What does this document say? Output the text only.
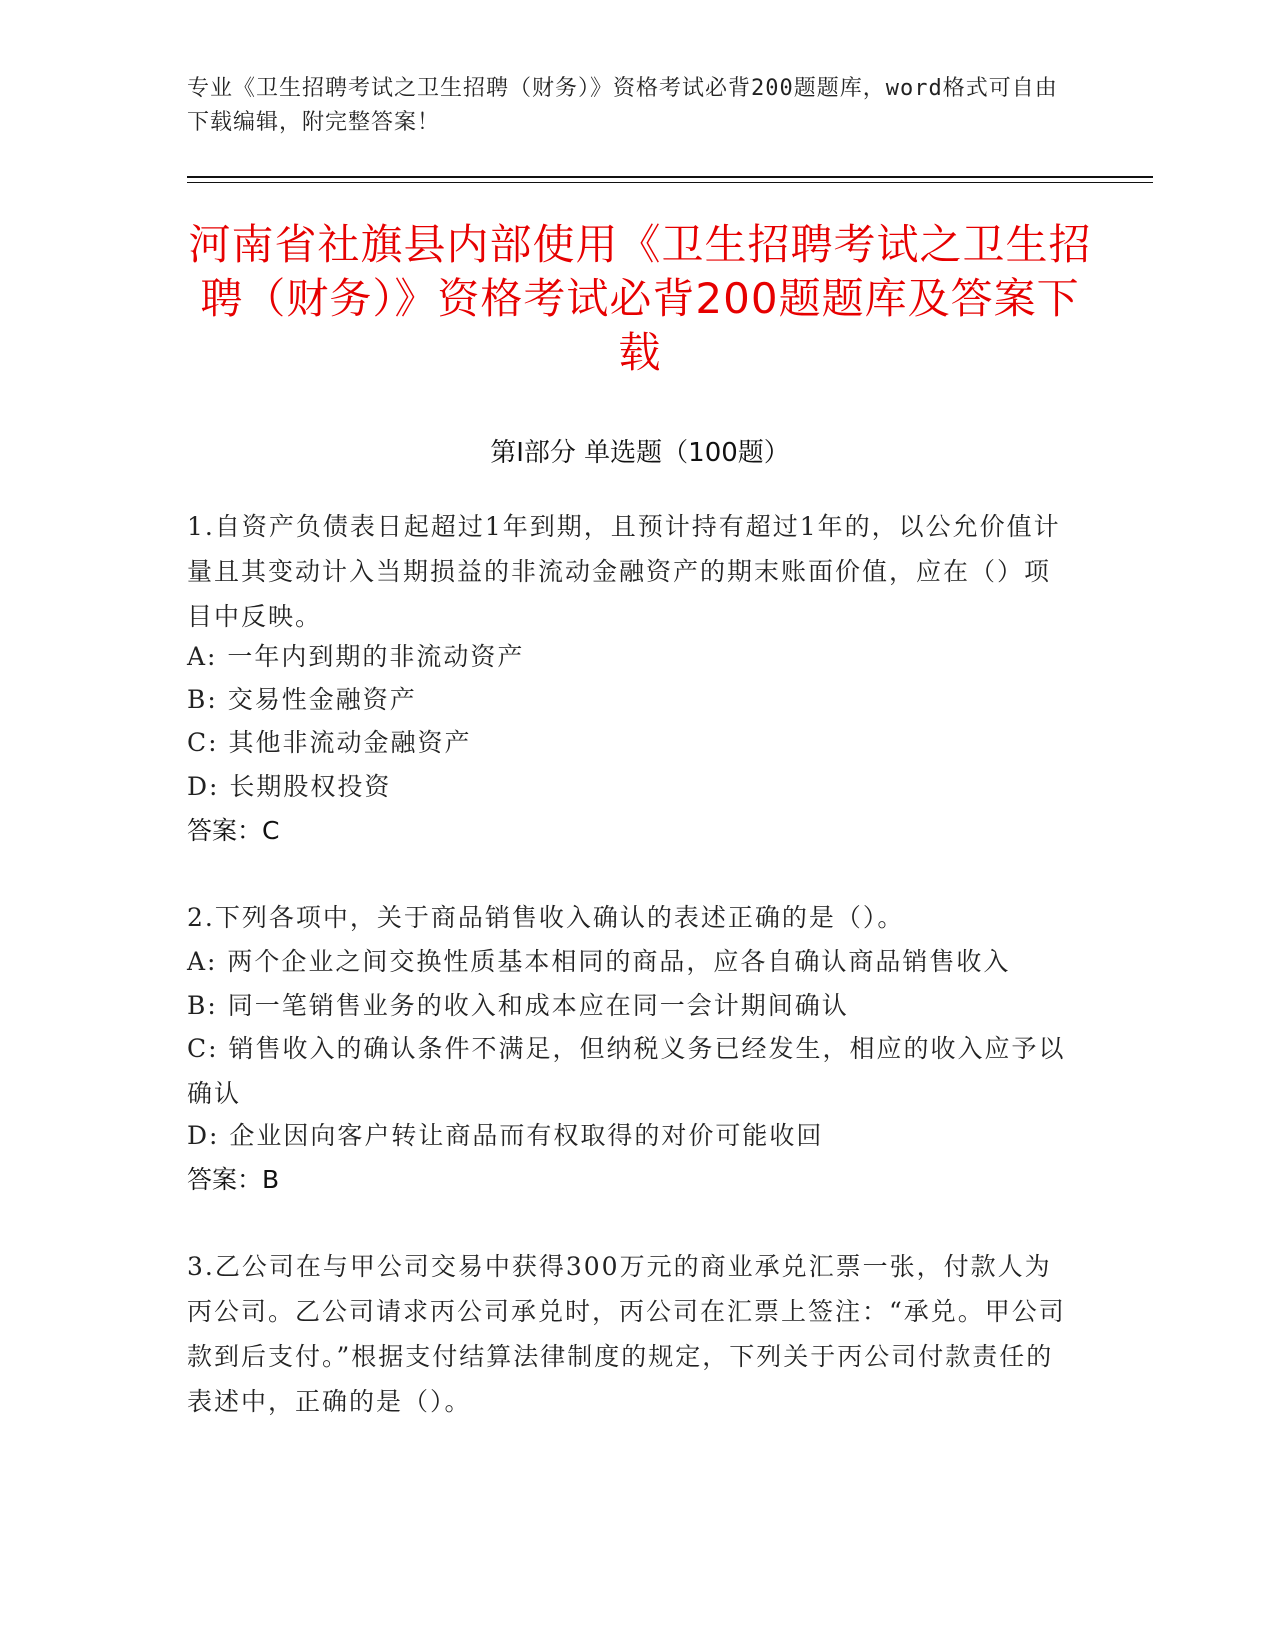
专业《卫生招聘考试之卫生招聘（财务）》资格考试必背200题题库，word格式可自由下载编辑，附完整答案！
河南省社旗县内部使用《卫生招聘考试之卫生招聘（财务）》资格考试必背200题题库及答案下载
第Ⅰ部分 单选题（100题）
1.自资产负债表日起超过1年到期，且预计持有超过1年的，以公允价值计量且其变动计入当期损益的非流动金融资产的期末账面价值，应在（）项目中反映。
A: 一年内到期的非流动资产
B: 交易性金融资产
C: 其他非流动金融资产
D: 长期股权投资
答案：C
2.下列各项中，关于商品销售收入确认的表述正确的是（）。
A: 两个企业之间交换性质基本相同的商品，应各自确认商品销售收入
B: 同一笔销售业务的收入和成本应在同一会计期间确认
C: 销售收入的确认条件不满足，但纳税义务已经发生，相应的收入应予以确认
D: 企业因向客户转让商品而有权取得的对价可能收回
答案：B
3.乙公司在与甲公司交易中获得300万元的商业承兑汇票一张，付款人为丙公司。乙公司请求丙公司承兑时，丙公司在汇票上签注：“承兑。甲公司款到后支付。”根据支付结算法律制度的规定，下列关于丙公司付款责任的表述中，正确的是（）。
